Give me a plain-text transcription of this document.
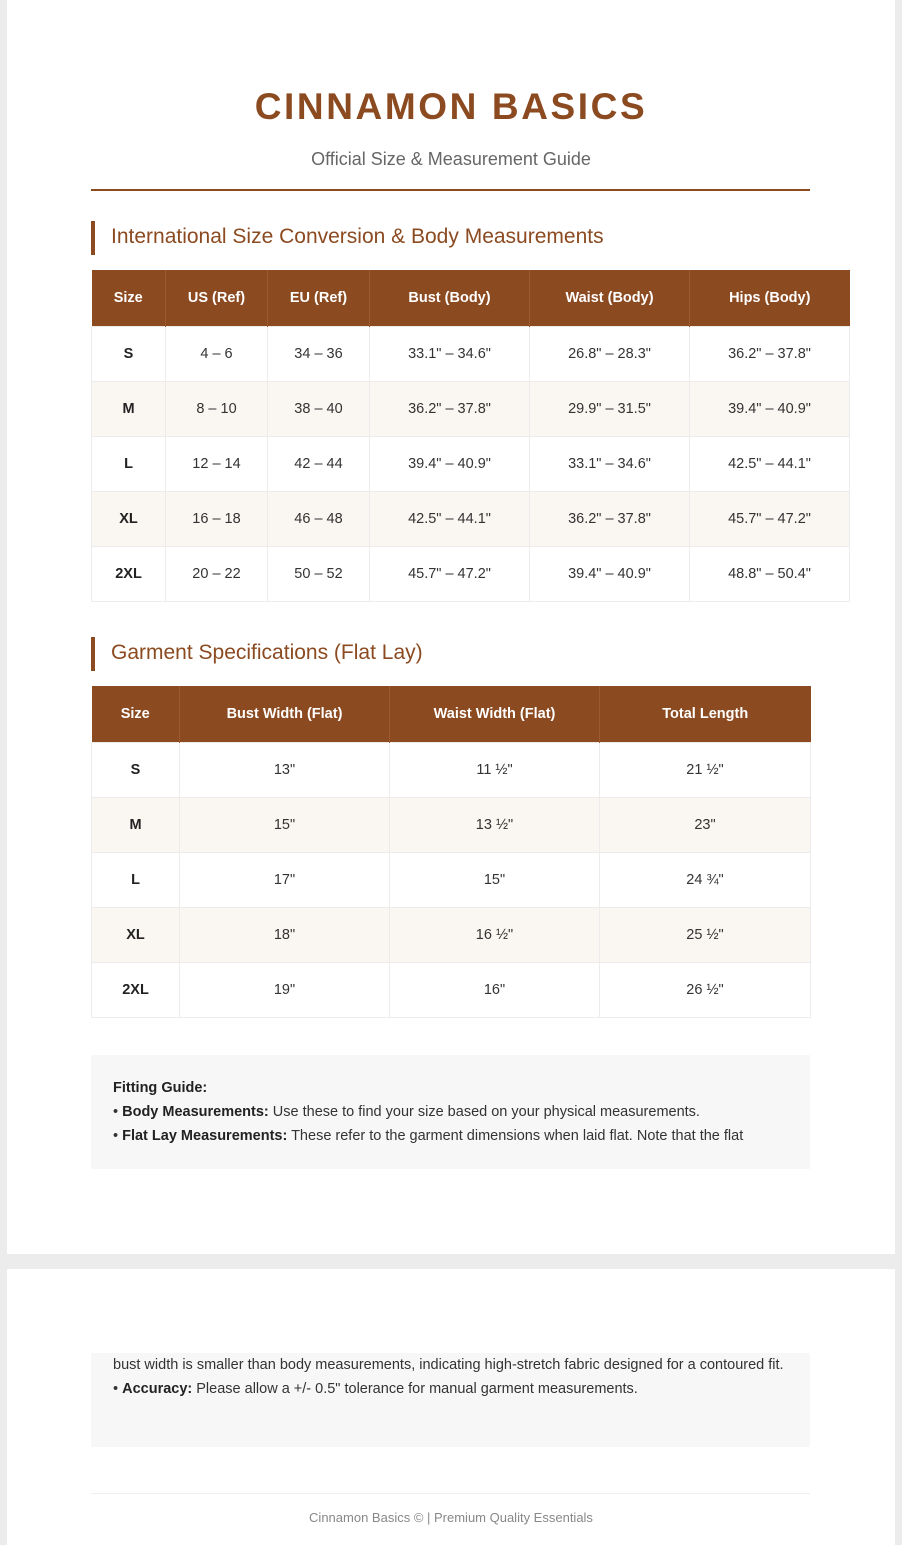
CINNAMON BASICS
Official Size & Measurement Guide
International Size Conversion & Body Measurements
Size	US (Ref)	EU (Ref)	Bust (Body)	Waist (Body)	Hips (Body)
S	4 – 6	34 – 36	33.1" – 34.6"	26.8" – 28.3"	36.2" – 37.8"
M	8 – 10	38 – 40	36.2" – 37.8"	29.9" – 31.5"	39.4" – 40.9"
L	12 – 14	42 – 44	39.4" – 40.9"	33.1" – 34.6"	42.5" – 44.1"
XL	16 – 18	46 – 48	42.5" – 44.1"	36.2" – 37.8"	45.7" – 47.2"
2XL	20 – 22	50 – 52	45.7" – 47.2"	39.4" – 40.9"	48.8" – 50.4"
Garment Specifications (Flat Lay)
Size	Bust Width (Flat)	Waist Width (Flat)	Total Length
S	13"	11 ½"	21 ½"
M	15"	13 ½"	23"
L	17"	15"	24 ¾"
XL	18"	16 ½"	25 ½"
2XL	19"	16"	26 ½"
Fitting Guide:
• Body Measurements: Use these to find your size based on your physical measurements.
• Flat Lay Measurements: These refer to the garment dimensions when laid flat. Note that the flat
bust width is smaller than body measurements, indicating high-stretch fabric designed for a contoured fit.
• Accuracy: Please allow a +/- 0.5" tolerance for manual garment measurements.
Cinnamon Basics © | Premium Quality Essentials
